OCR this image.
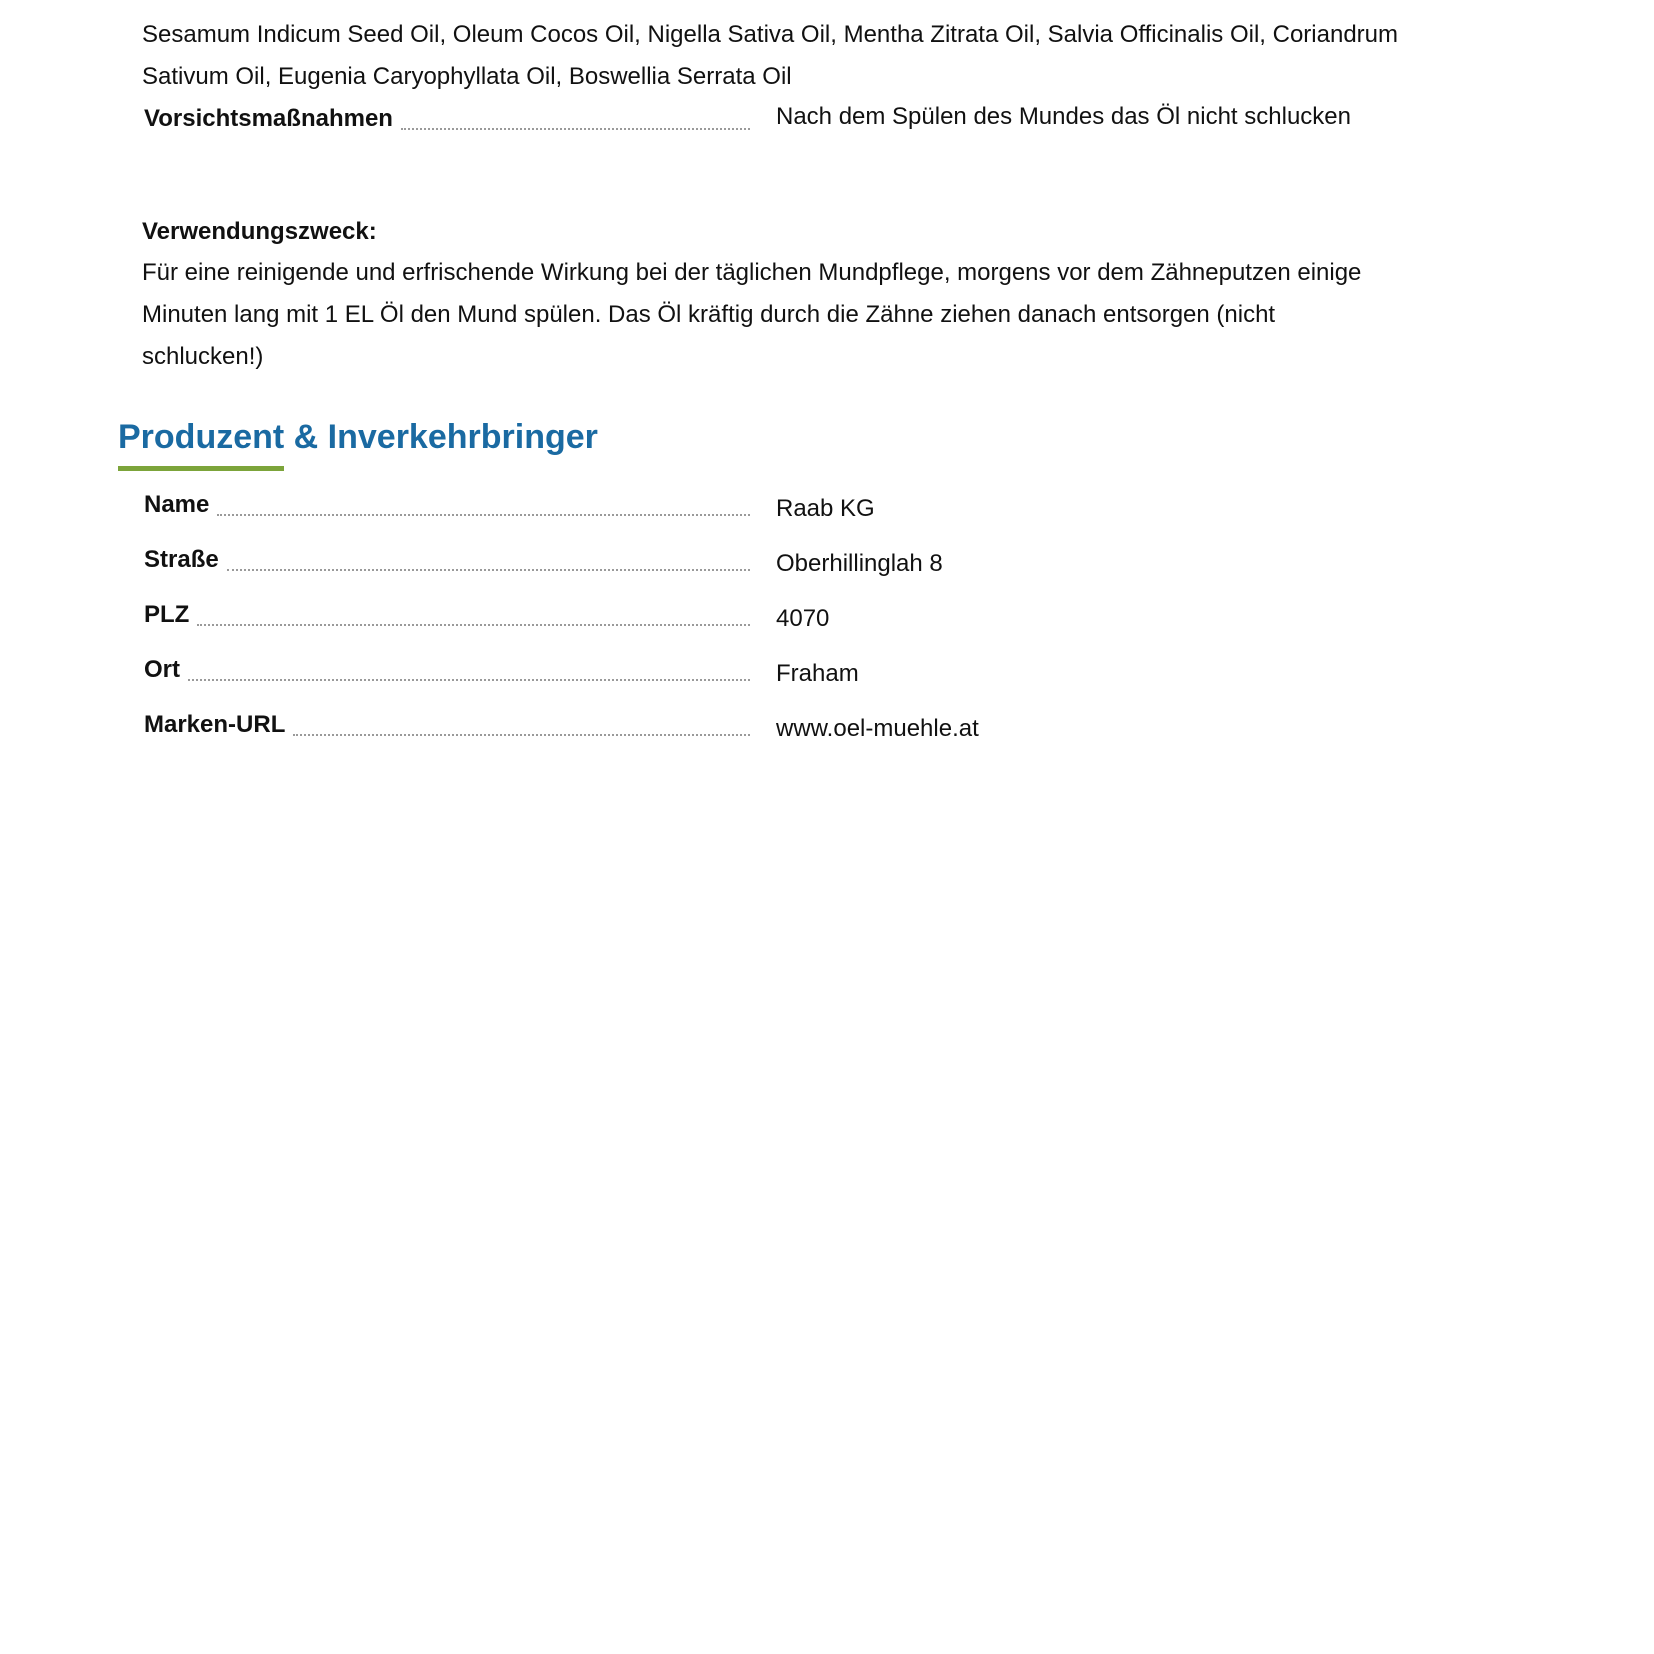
Sesamum Indicum Seed Oil, Oleum Cocos Oil, Nigella Sativa Oil, Mentha Zitrata Oil, Salvia Officinalis Oil, Coriandrum Sativum Oil, Eugenia Caryophyllata Oil, Boswellia Serrata Oil

Vorsichtsmaßnahmen	Nach dem Spülen des Mundes das Öl nicht schlucken
Verwendungszweck:

Für eine reinigende und erfrischende Wirkung bei der täglichen Mundpflege, morgens vor dem Zähneputzen einige Minuten lang mit 1 EL Öl den Mund spülen. Das Öl kräftig durch die Zähne ziehen danach entsorgen (nicht schlucken!)

Produzent & Inverkehrbringer
Name	Raab KG
Straße	Oberhillinglah 8
PLZ	4070
Ort	Fraham
Marken-URL	www.oel-muehle.at
